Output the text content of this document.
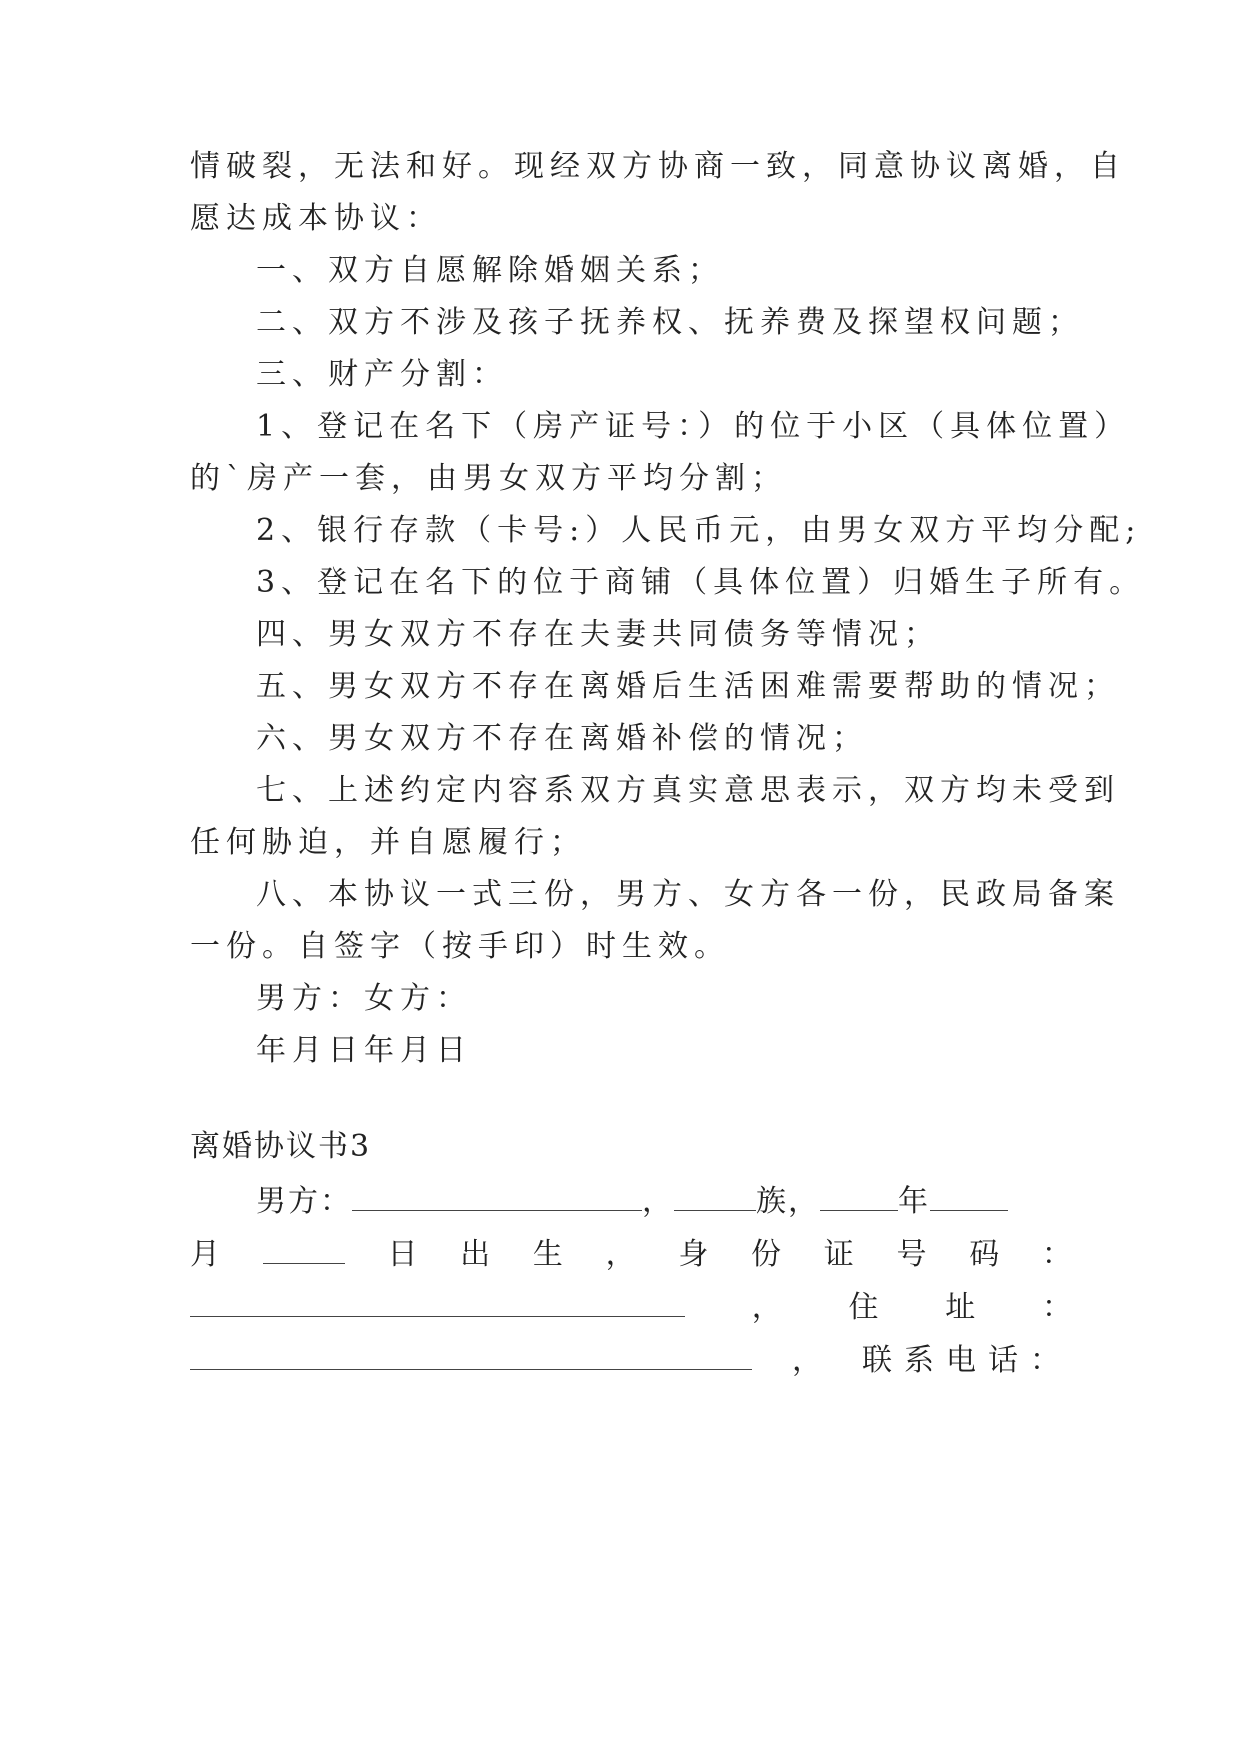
情破裂，无法和好。现经双方协商一致，同意协议离婚，自
愿达成本协议：
一、双方自愿解除婚姻关系；
二、双方不涉及孩子抚养权、抚养费及探望权问题；
三、财产分割：
1、登记在名下（房产证号：）的位于小区（具体位置）
的`房产一套，由男女双方平均分割；
2、银行存款（卡号:）人民币元，由男女双方平均分配;
3、登记在名下的位于商铺（具体位置）归婚生子所有。
四、男女双方不存在夫妻共同债务等情况；
五、男女双方不存在离婚后生活困难需要帮助的情况；
六、男女双方不存在离婚补偿的情况；
七、上述约定内容系双方真实意思表示，双方均未受到
任何胁迫，并自愿履行；
八、本协议一式三份，男方、女方各一份，民政局备案
一份。自签字（按手印）时生效。
男方：女方：
年月日年月日
离婚协议书3
男方：	，	族，	年
月	日 出 生 ， 身 份 证 号 码 ：
， 住 址 ：
， 联系电话：
